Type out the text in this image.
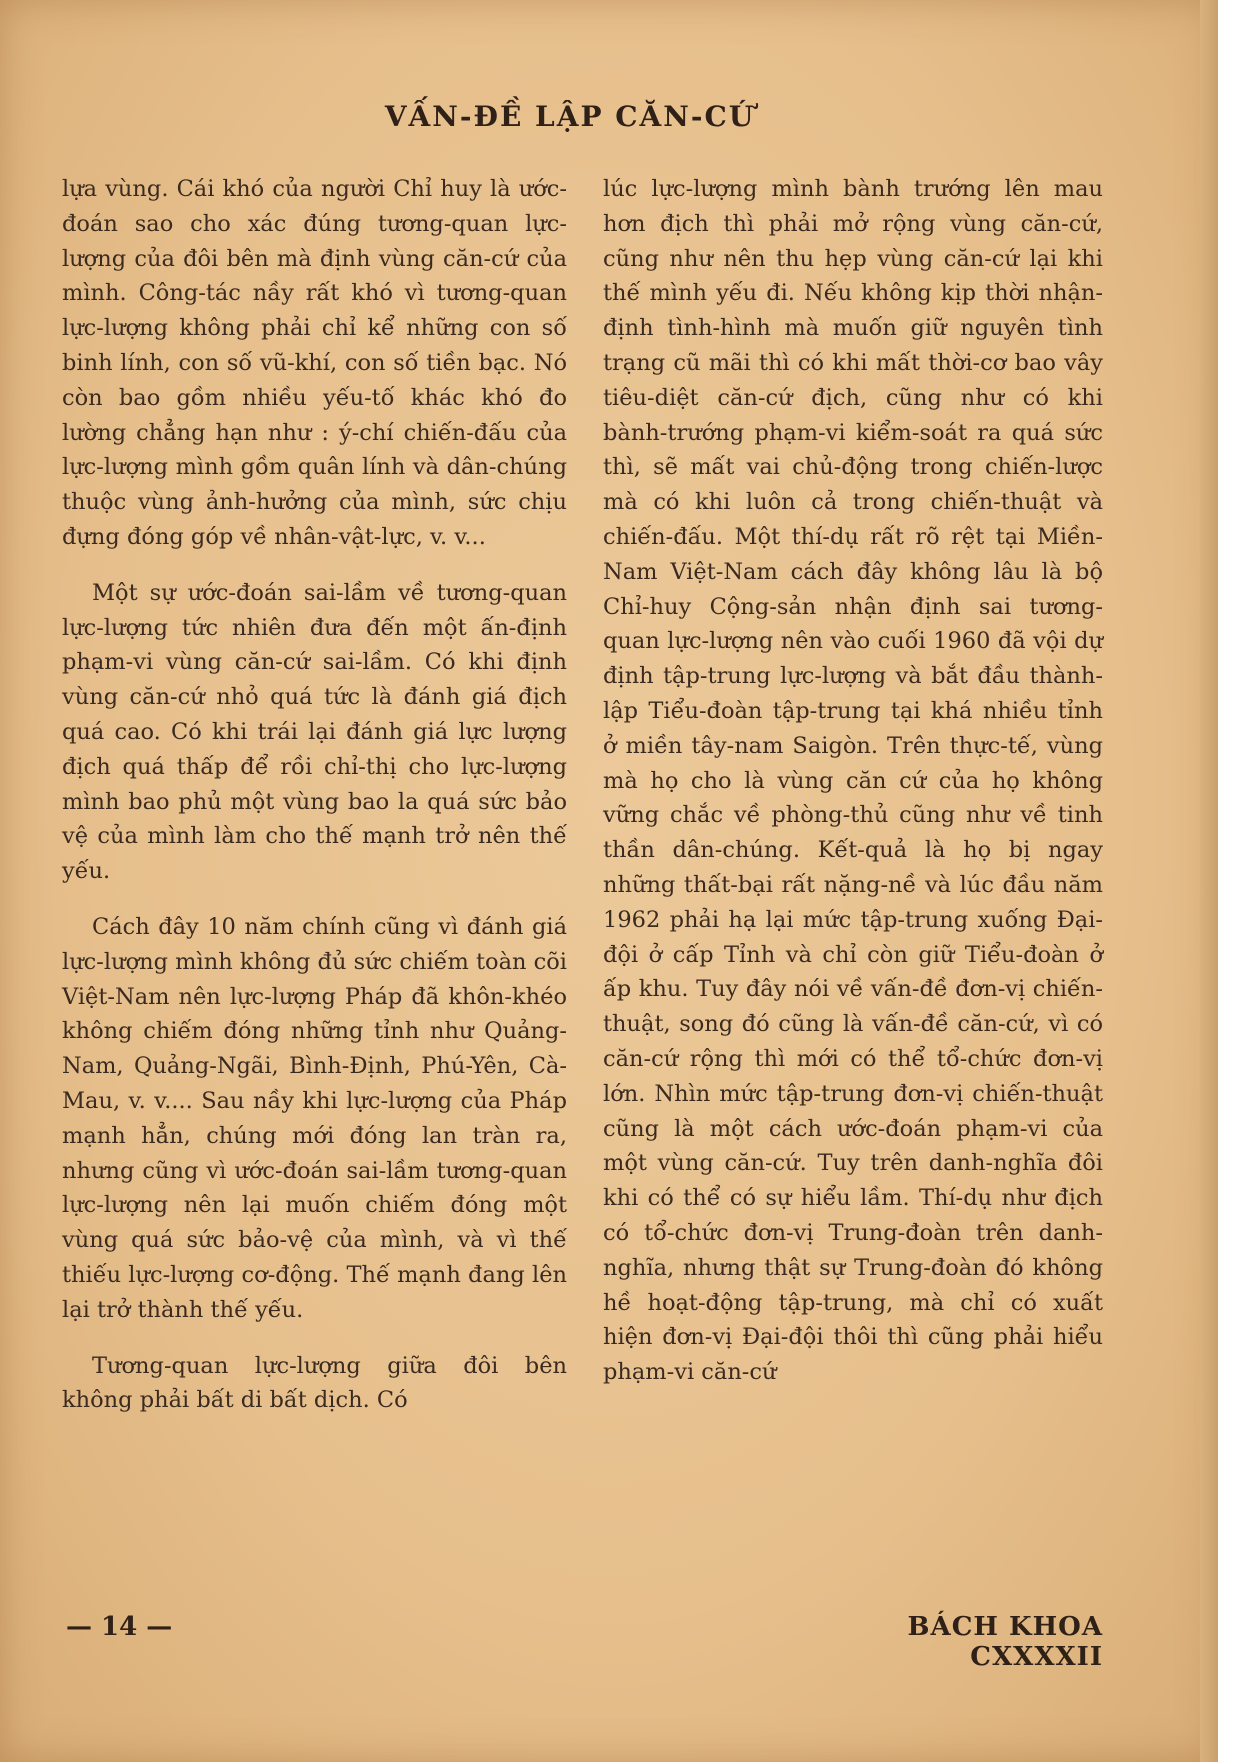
VẤN-ĐỀ LẬP CĂN-CỨ

lựa vùng. Cái khó của người Chỉ huy là ước-đoán sao cho xác đúng tương-quan lực-lượng của đôi bên mà định vùng căn-cứ của mình. Công-tác nầy rất khó vì tương-quan lực-lượng không phải chỉ kể những con số binh lính, con số vũ-khí, con số tiền bạc. Nó còn bao gồm nhiều yếu-tố khác khó đo lường chẳng hạn như : ý-chí chiến-đấu của lực-lượng mình gồm quân lính và dân-chúng thuộc vùng ảnh-hưởng của mình, sức chịu đựng đóng góp về nhân-vật-lực, v. v...

Một sự ước-đoán sai-lầm về tương-quan lực-lượng tức nhiên đưa đến một ấn-định phạm-vi vùng căn-cứ sai-lầm. Có khi định vùng căn-cứ nhỏ quá tức là đánh giá địch quá cao. Có khi trái lại đánh giá lực lượng địch quá thấp để rồi chỉ-thị cho lực-lượng mình bao phủ một vùng bao la quá sức bảo vệ của mình làm cho thế mạnh trở nên thế yếu.

Cách đây 10 năm chính cũng vì đánh giá lực-lượng mình không đủ sức chiếm toàn cõi Việt-Nam nên lực-lượng Pháp đã khôn-khéo không chiếm đóng những tỉnh như Quảng-Nam, Quảng-Ngãi, Bình-Định, Phú-Yên, Cà-Mau, v. v.... Sau nầy khi lực-lượng của Pháp mạnh hẳn, chúng mới đóng lan tràn ra, nhưng cũng vì ước-đoán sai-lầm tương-quan lực-lượng nên lại muốn chiếm đóng một vùng quá sức bảo-vệ của mình, và vì thế thiếu lực-lượng cơ-động. Thế mạnh đang lên lại trở thành thế yếu.

Tương-quan lực-lượng giữa đôi bên không phải bất di bất dịch. Có

lúc lực-lượng mình bành trướng lên mau hơn địch thì phải mở rộng vùng căn-cứ, cũng như nên thu hẹp vùng căn-cứ lại khi thế mình yếu đi. Nếu không kịp thời nhận-định tình-hình mà muốn giữ nguyên tình trạng cũ mãi thì có khi mất thời-cơ bao vây tiêu-diệt căn-cứ địch, cũng như có khi bành-trướng phạm-vi kiểm-soát ra quá sức thì, sẽ mất vai chủ-động trong chiến-lược mà có khi luôn cả trong chiến-thuật và chiến-đấu. Một thí-dụ rất rõ rệt tại Miền-Nam Việt-Nam cách đây không lâu là bộ Chỉ-huy Cộng-sản nhận định sai tương-quan lực-lượng nên vào cuối 1960 đã vội dự định tập-trung lực-lượng và bắt đầu thành-lập Tiểu-đoàn tập-trung tại khá nhiều tỉnh ở miền tây-nam Saigòn. Trên thực-tế, vùng mà họ cho là vùng căn cứ của họ không vững chắc về phòng-thủ cũng như về tinh thần dân-chúng. Kết-quả là họ bị ngay những thất-bại rất nặng-nề và lúc đầu năm 1962 phải hạ lại mức tập-trung xuống Đại-đội ở cấp Tỉnh và chỉ còn giữ Tiểu-đoàn ở ấp khu. Tuy đây nói về vấn-đề đơn-vị chiến-thuật, song đó cũng là vấn-đề căn-cứ, vì có căn-cứ rộng thì mới có thể tổ-chức đơn-vị lớn. Nhìn mức tập-trung đơn-vị chiến-thuật cũng là một cách ước-đoán phạm-vi của một vùng căn-cứ. Tuy trên danh-nghĩa đôi khi có thể có sự hiểu lầm. Thí-dụ như địch có tổ-chức đơn-vị Trung-đoàn trên danh-nghĩa, nhưng thật sự Trung-đoàn đó không hề hoạt-động tập-trung, mà chỉ có xuất hiện đơn-vị Đại-đội thôi thì cũng phải hiểu phạm-vi căn-cứ

— 14 —	BÁCH KHOA CXXXXII
